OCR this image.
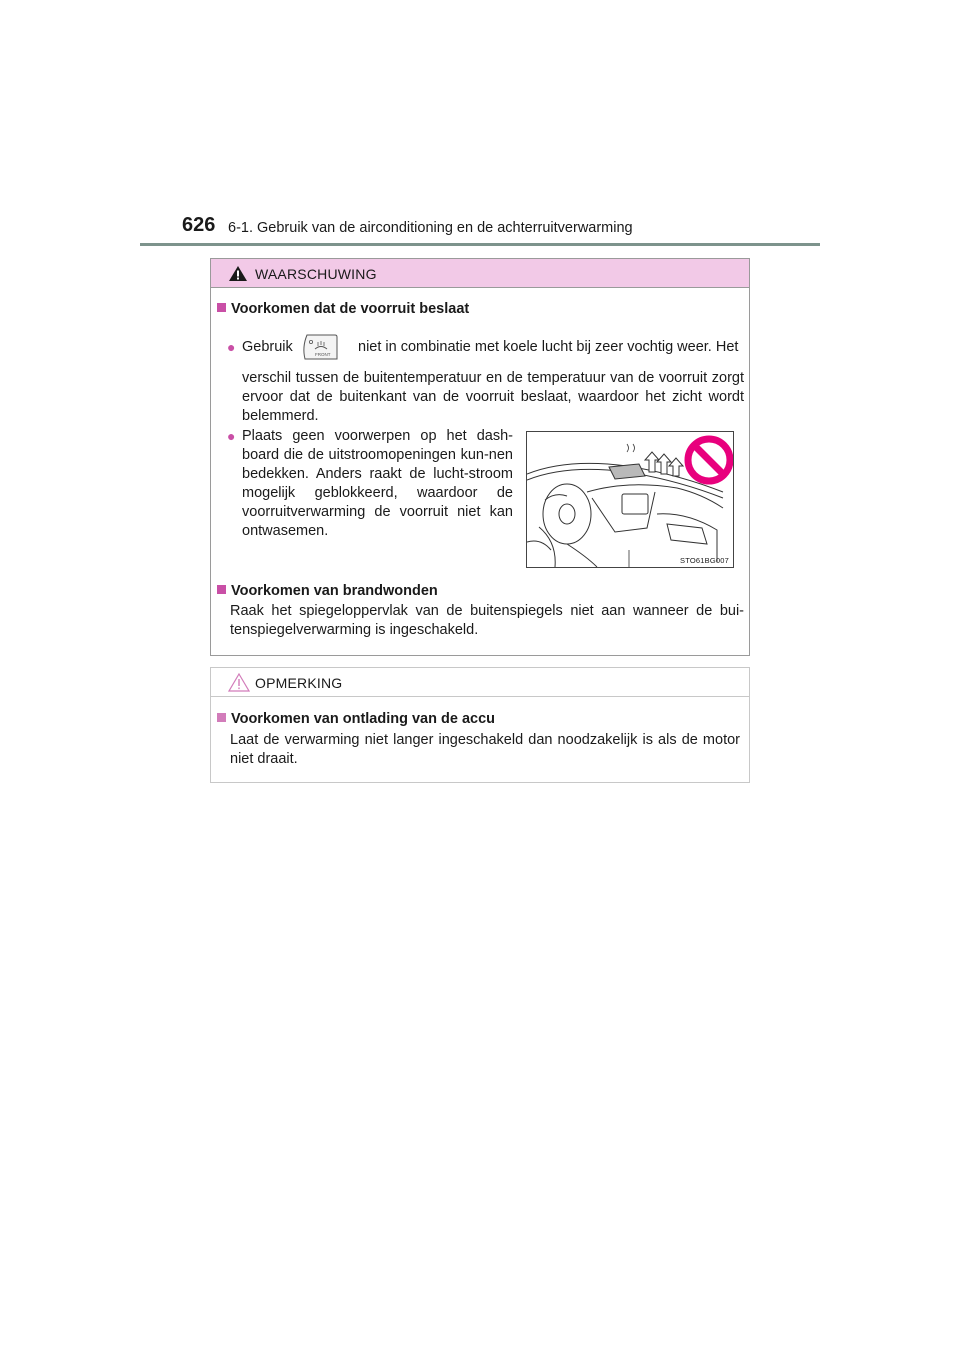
626 6-1. Gebruik van de airconditioning en de achterruitverwarming
WAARSCHUWING
Voorkomen dat de voorruit beslaat
● Gebruik	FRONT niet in combinatie met koele lucht bij zeer vochtig weer. Het
verschil tussen de buitentemperatuur en de temperatuur van de voorruit zorgt ervoor dat de buitenkant van de voorruit beslaat, waardoor het zicht wordt belemmerd.
● Plaats geen voorwerpen op het dash-board die de uitstroomopeningen kun-nen bedekken. Anders raakt de lucht-stroom mogelijk geblokkeerd, waardoor de voorruitverwarming de voorruit niet kan ontwasemen.
STO61BG007
Voorkomen van brandwonden
Raak het spiegeloppervlak van de buitenspiegels niet aan wanneer de bui-tenspiegelverwarming is ingeschakeld.
OPMERKING
Voorkomen van ontlading van de accu
Laat de verwarming niet langer ingeschakeld dan noodzakelijk is als de motor niet draait.
